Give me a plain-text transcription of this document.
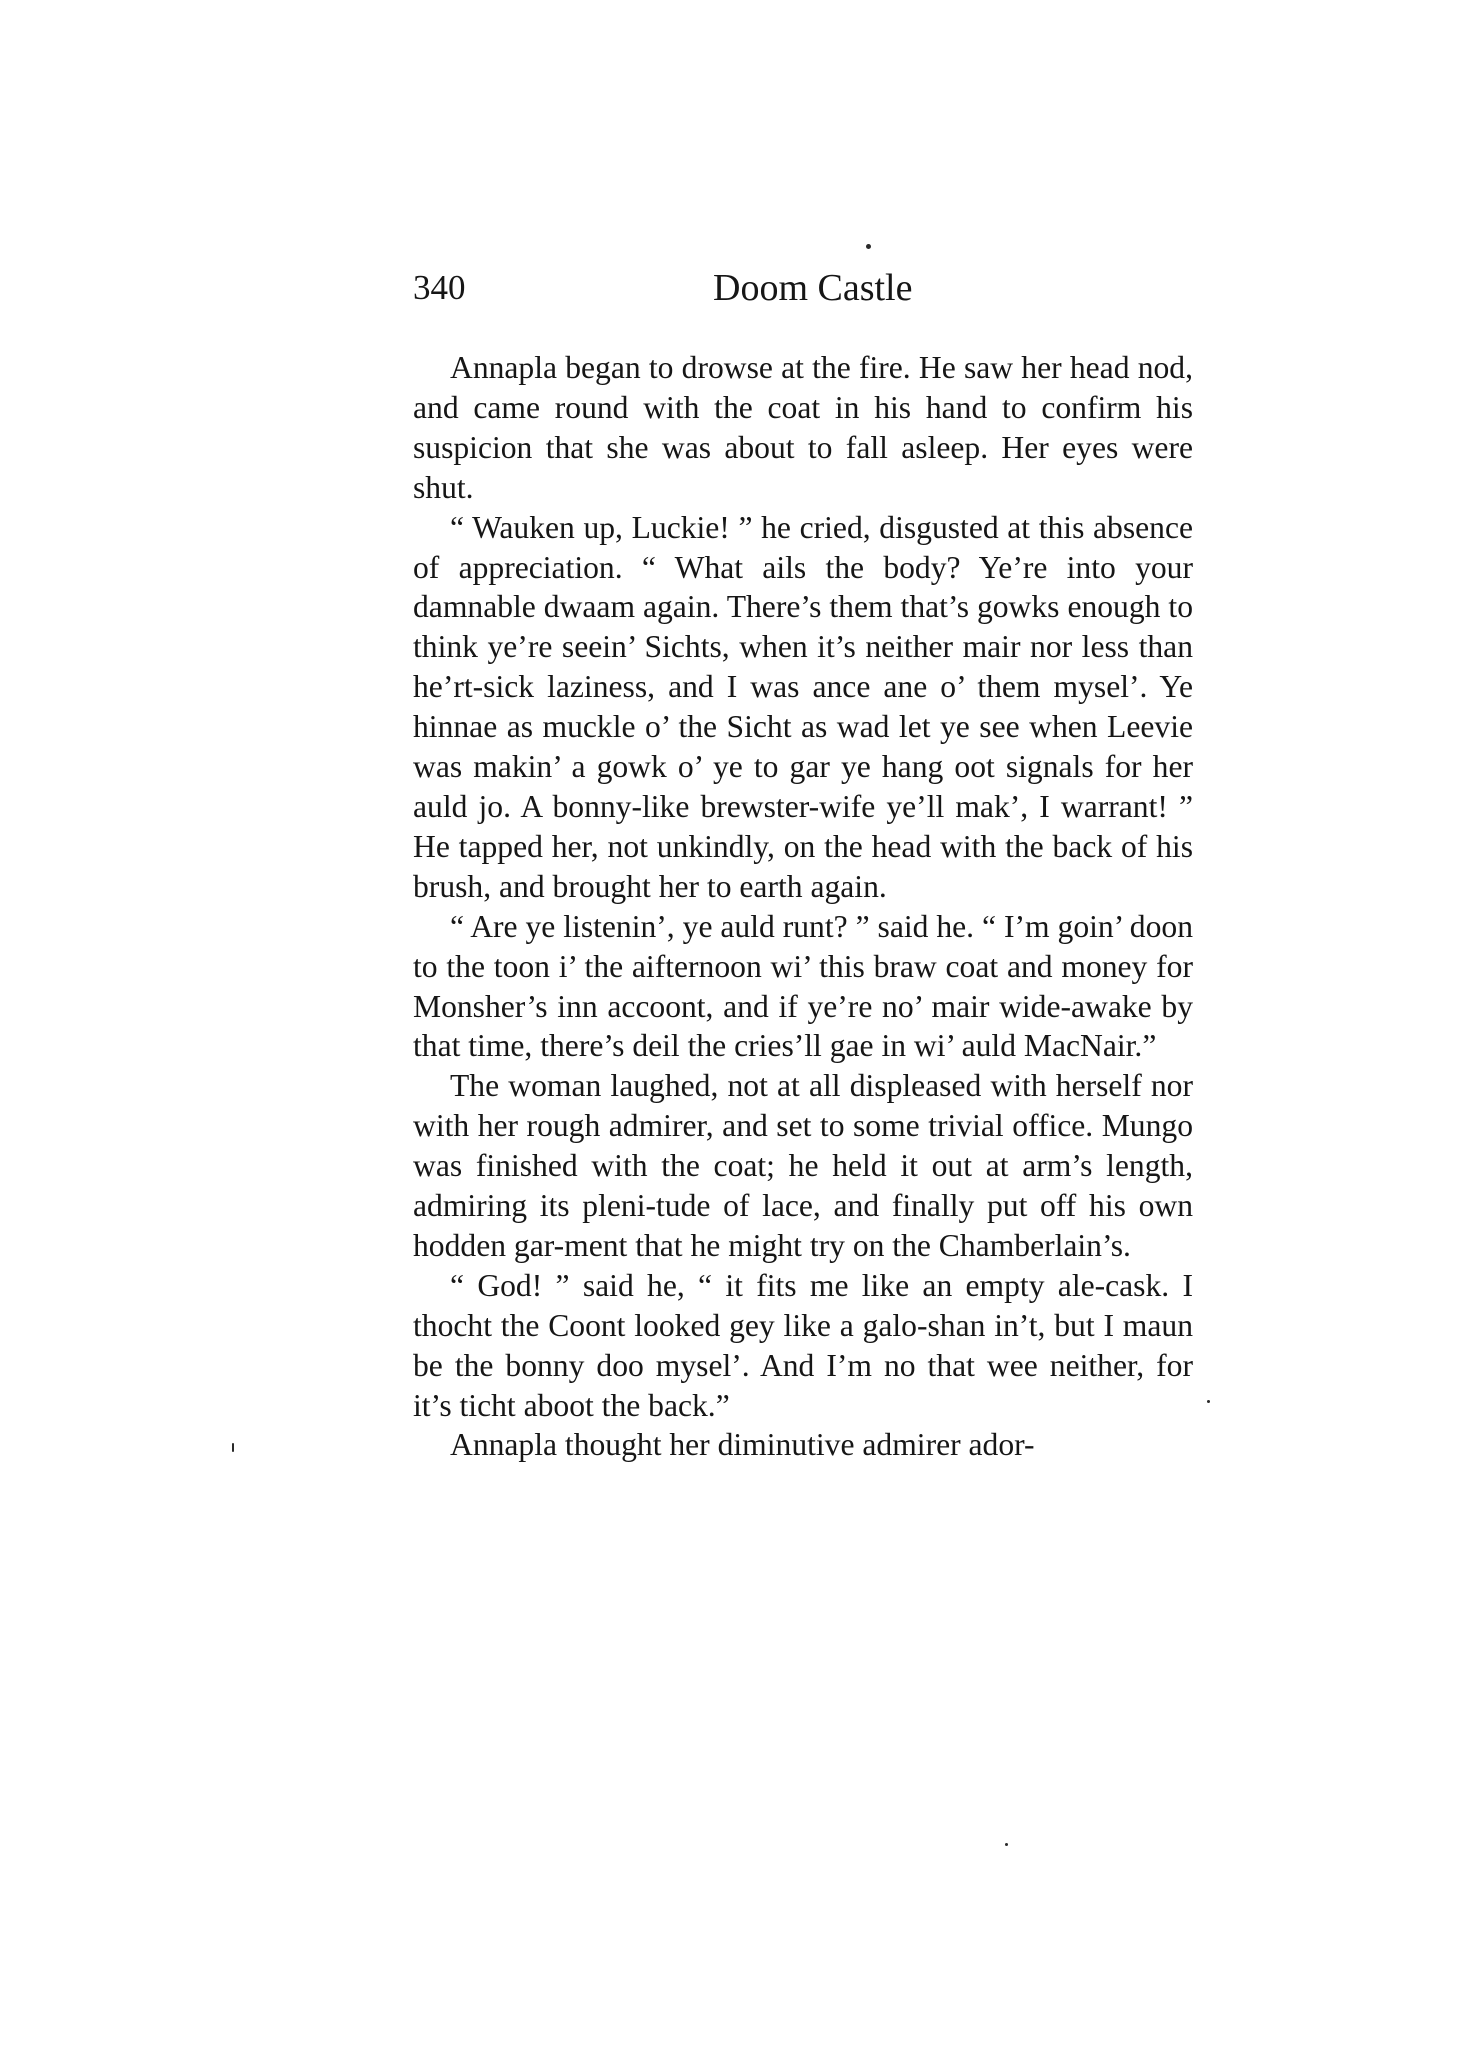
340	Doom Castle

Annapla began to drowse at the fire. He saw her head nod, and came round with the coat in his hand to confirm his suspicion that she was about to fall asleep. Her eyes were shut.

“ Wauken up, Luckie! ” he cried, disgusted at this absence of appreciation. “ What ails the body? Ye’re into your damnable dwaam again. There’s them that’s gowks enough to think ye’re seein’ Sichts, when it’s neither mair nor less than he’rt-sick laziness, and I was ance ane o’ them mysel’. Ye hinnae as muckle o’ the Sicht as wad let ye see when Leevie was makin’ a gowk o’ ye to gar ye hang oot signals for her auld jo. A bonny-like brewster-wife ye’ll mak’, I warrant! ” He tapped her, not unkindly, on the head with the back of his brush, and brought her to earth again.

“ Are ye listenin’, ye auld runt? ” said he. “ I’m goin’ doon to the toon i’ the aifternoon wi’ this braw coat and money for Monsher’s inn accoont, and if ye’re no’ mair wide-awake by that time, there’s deil the cries’ll gae in wi’ auld MacNair.”

The woman laughed, not at all displeased with herself nor with her rough admirer, and set to some trivial office. Mungo was finished with the coat; he held it out at arm’s length, admiring its pleni-tude of lace, and finally put off his own hodden gar-ment that he might try on the Chamberlain’s.

“ God! ” said he, “ it fits me like an empty ale-cask. I thocht the Coont looked gey like a galo-shan in’t, but I maun be the bonny doo mysel’. And I’m no that wee neither, for it’s ticht aboot the back.”

Annapla thought her diminutive admirer ador-
